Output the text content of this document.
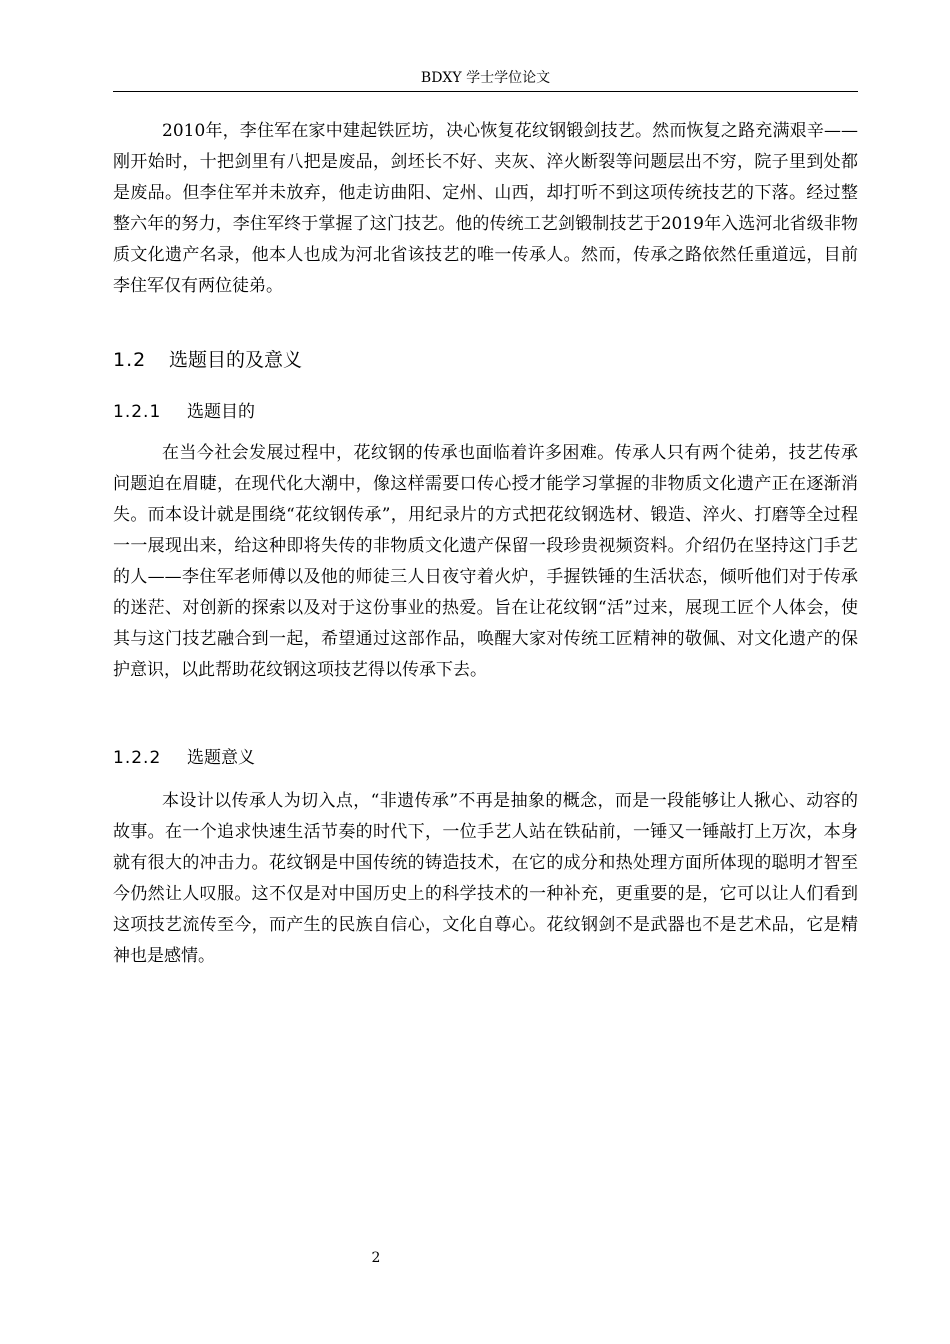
BDXY 学士学位论文

2010年，李住军在家中建起铁匠坊，决心恢复花纹钢锻剑技艺。然而恢复之路充满艰辛——刚开始时，十把剑里有八把是废品，剑坯长不好、夹灰、淬火断裂等问题层出不穷，院子里到处都是废品。但李住军并未放弃，他走访曲阳、定州、山西，却打听不到这项传统技艺的下落。经过整整六年的努力，李住军终于掌握了这门技艺。他的传统工艺剑锻制技艺于2019年入选河北省级非物质文化遗产名录，他本人也成为河北省该技艺的唯一传承人。然而，传承之路依然任重道远，目前李住军仅有两位徒弟。

1.2 选题目的及意义
1.2.1 选题目的

在当今社会发展过程中，花纹钢的传承也面临着许多困难。传承人只有两个徒弟，技艺传承问题迫在眉睫，在现代化大潮中，像这样需要口传心授才能学习掌握的非物质文化遗产正在逐渐消失。而本设计就是围绕“花纹钢传承”，用纪录片的方式把花纹钢选材、锻造、淬火、打磨等全过程一一展现出来，给这种即将失传的非物质文化遗产保留一段珍贵视频资料。介绍仍在坚持这门手艺的人——李住军老师傅以及他的师徒三人日夜守着火炉，手握铁锤的生活状态，倾听他们对于传承的迷茫、对创新的探索以及对于这份事业的热爱。旨在让花纹钢“活”过来，展现工匠个人体会，使其与这门技艺融合到一起，希望通过这部作品，唤醒大家对传统工匠精神的敬佩、对文化遗产的保护意识，以此帮助花纹钢这项技艺得以传承下去。

1.2.2 选题意义

本设计以传承人为切入点，“非遗传承”不再是抽象的概念，而是一段能够让人揪心、动容的故事。在一个追求快速生活节奏的时代下，一位手艺人站在铁砧前，一锤又一锤敲打上万次，本身就有很大的冲击力。花纹钢是中国传统的铸造技术，在它的成分和热处理方面所体现的聪明才智至今仍然让人叹服。这不仅是对中国历史上的科学技术的一种补充，更重要的是，它可以让人们看到这项技艺流传至今，而产生的民族自信心，文化自尊心。花纹钢剑不是武器也不是艺术品，它是精神也是感情。

2
